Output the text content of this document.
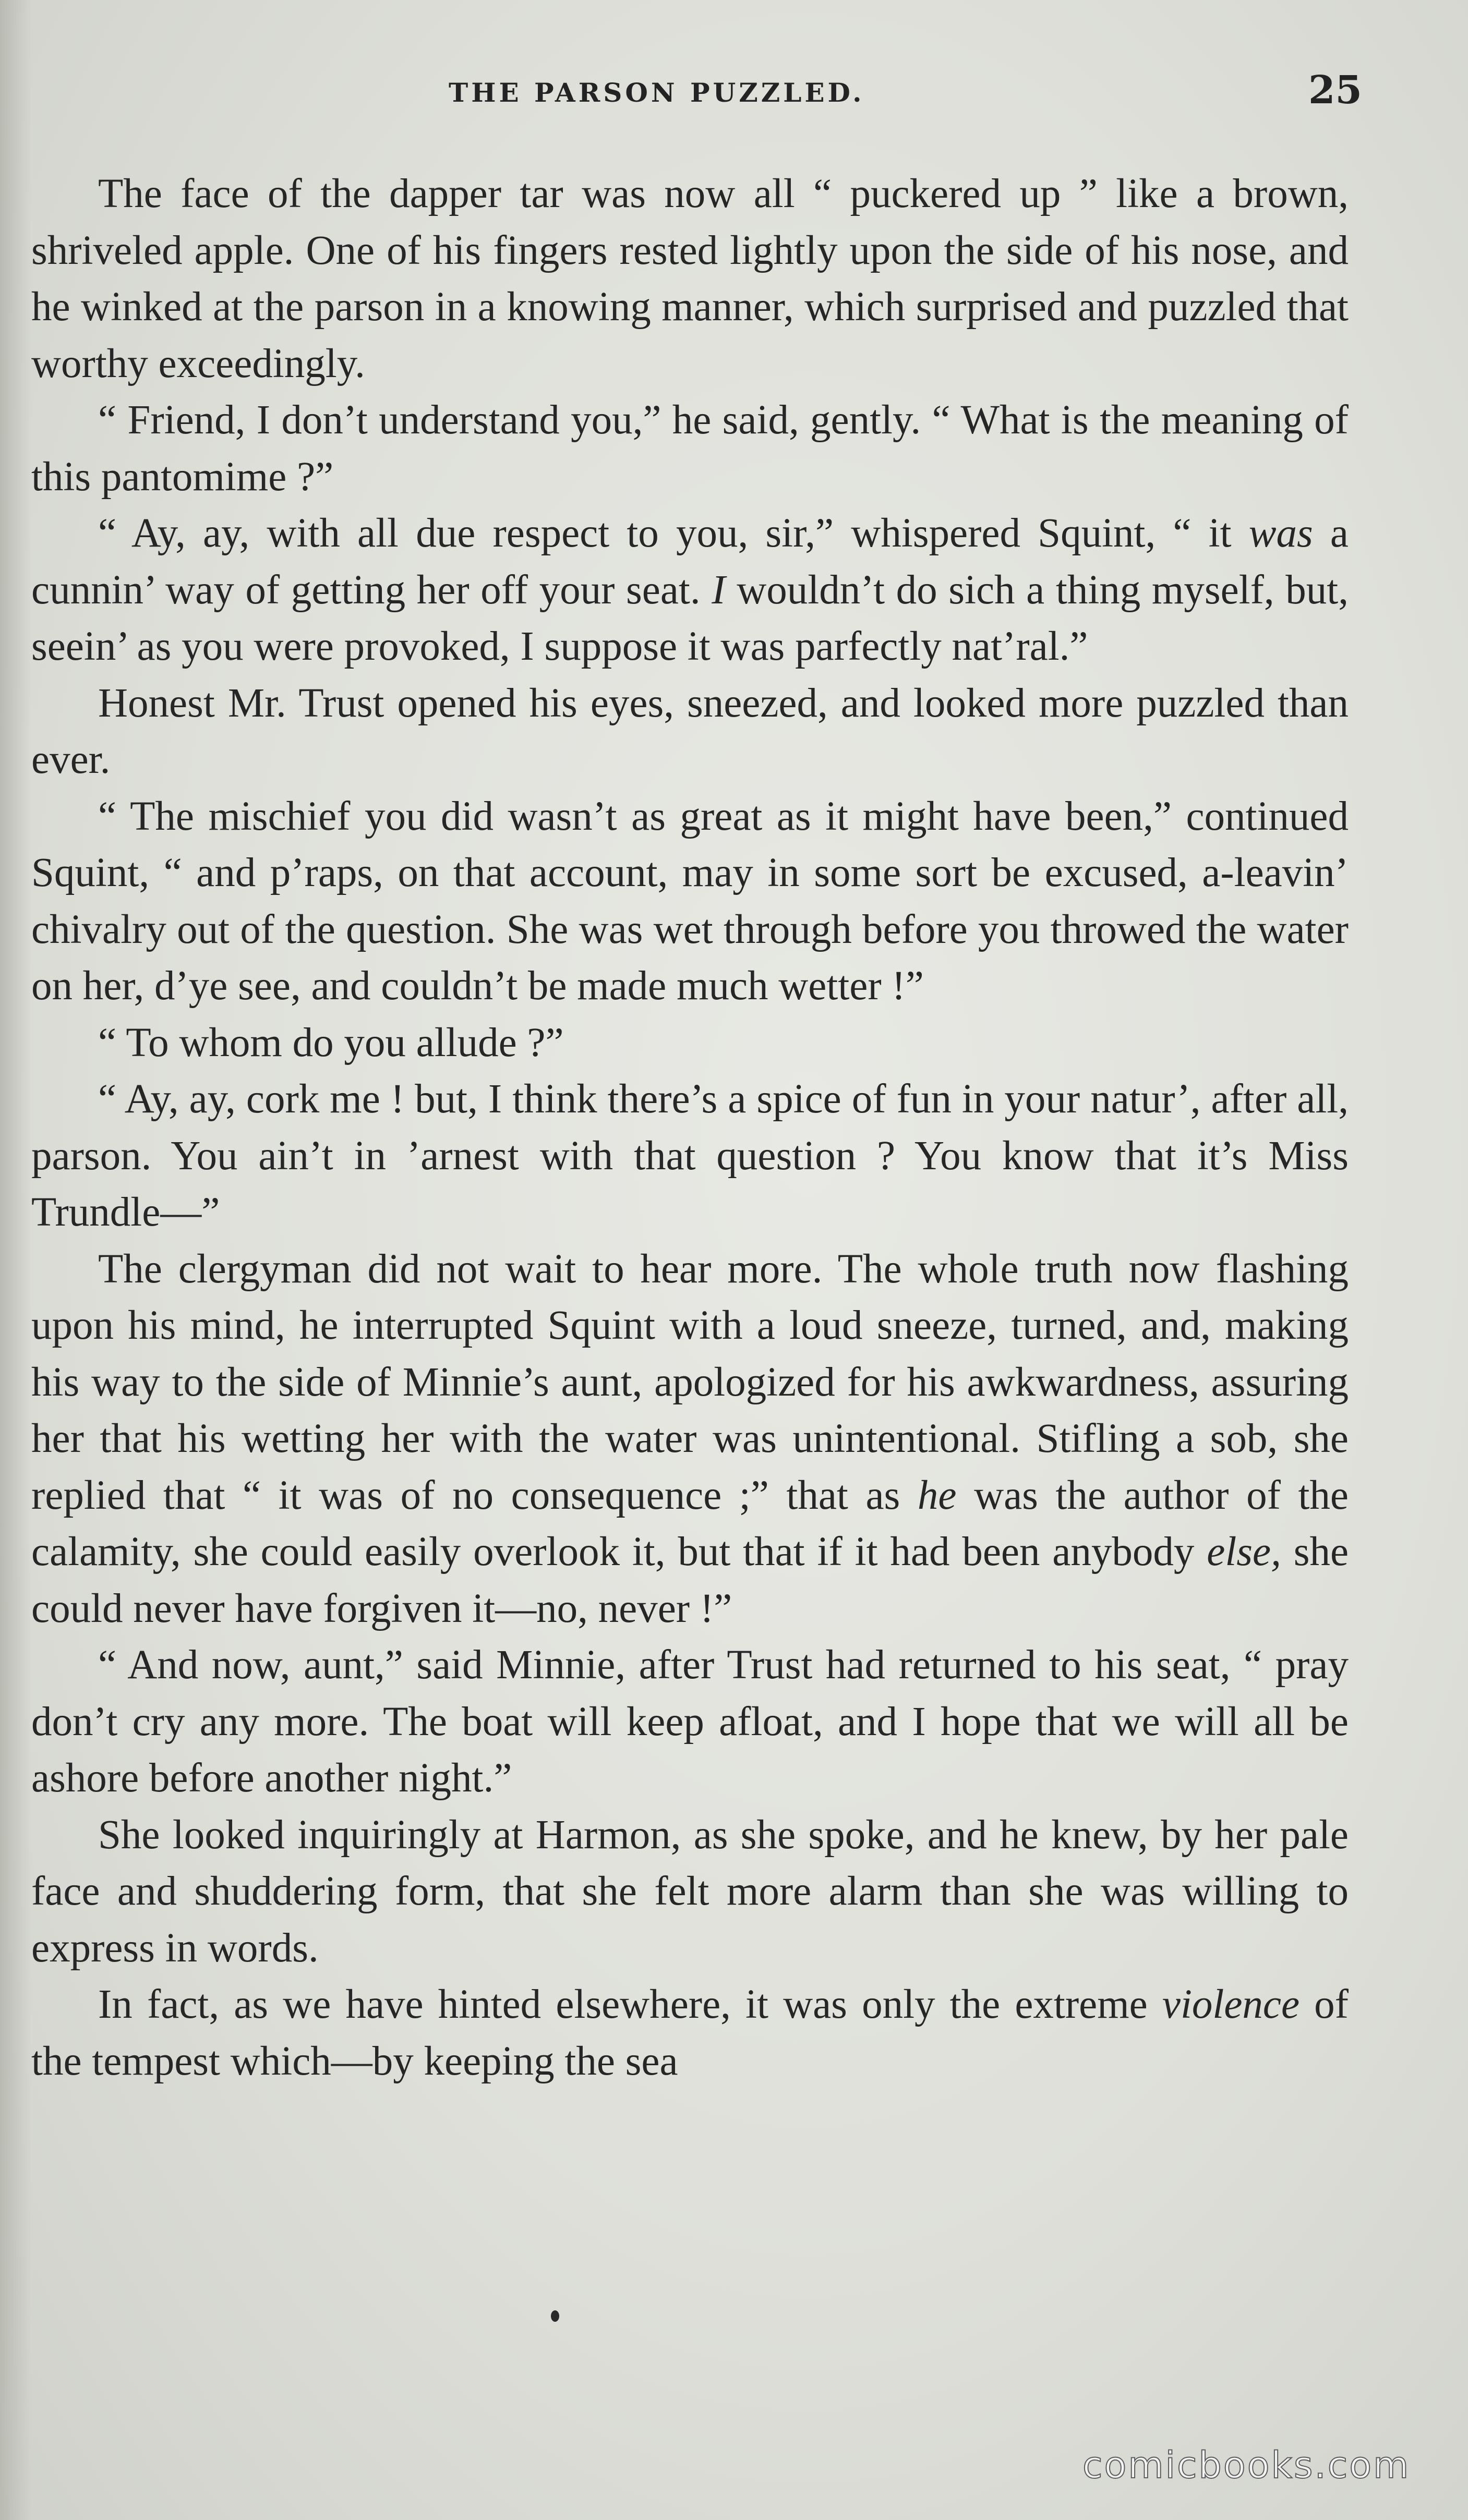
THE PARSON PUZZLED.	25

The face of the dapper tar was now all “ puckered up ” like a brown, shriveled apple. One of his fingers rested lightly upon the side of his nose, and he winked at the parson in a knowing manner, which surprised and puzzled that worthy exceedingly.

“ Friend, I don’t understand you,” he said, gently. “ What is the meaning of this pantomime ?”

“ Ay, ay, with all due respect to you, sir,” whispered Squint, “ it was a cunnin’ way of getting her off your seat. I wouldn’t do sich a thing myself, but, seein’ as you were provoked, I suppose it was parfectly nat’ral.”

Honest Mr. Trust opened his eyes, sneezed, and looked more puzzled than ever.

“ The mischief you did wasn’t as great as it might have been,” continued Squint, “ and p’raps, on that account, may in some sort be excused, a-leavin’ chivalry out of the question. She was wet through before you throwed the water on her, d’ye see, and couldn’t be made much wetter !”

“ To whom do you allude ?”

“ Ay, ay, cork me ! but, I think there’s a spice of fun in your natur’, after all, parson. You ain’t in ’arnest with that question ? You know that it’s Miss Trundle—”

The clergyman did not wait to hear more. The whole truth now flashing upon his mind, he interrupted Squint with a loud sneeze, turned, and, making his way to the side of Minnie’s aunt, apologized for his awkwardness, assuring her that his wetting her with the water was unintentional. Stifling a sob, she replied that “ it was of no consequence ;” that as he was the author of the calamity, she could easily overlook it, but that if it had been anybody else, she could never have forgiven it—no, never !”

“ And now, aunt,” said Minnie, after Trust had returned to his seat, “ pray don’t cry any more. The boat will keep afloat, and I hope that we will all be ashore before another night.”

She looked inquiringly at Harmon, as she spoke, and he knew, by her pale face and shuddering form, that she felt more alarm than she was willing to express in words.

In fact, as we have hinted elsewhere, it was only the extreme violence of the tempest which—by keeping the sea

comicbooks.com
